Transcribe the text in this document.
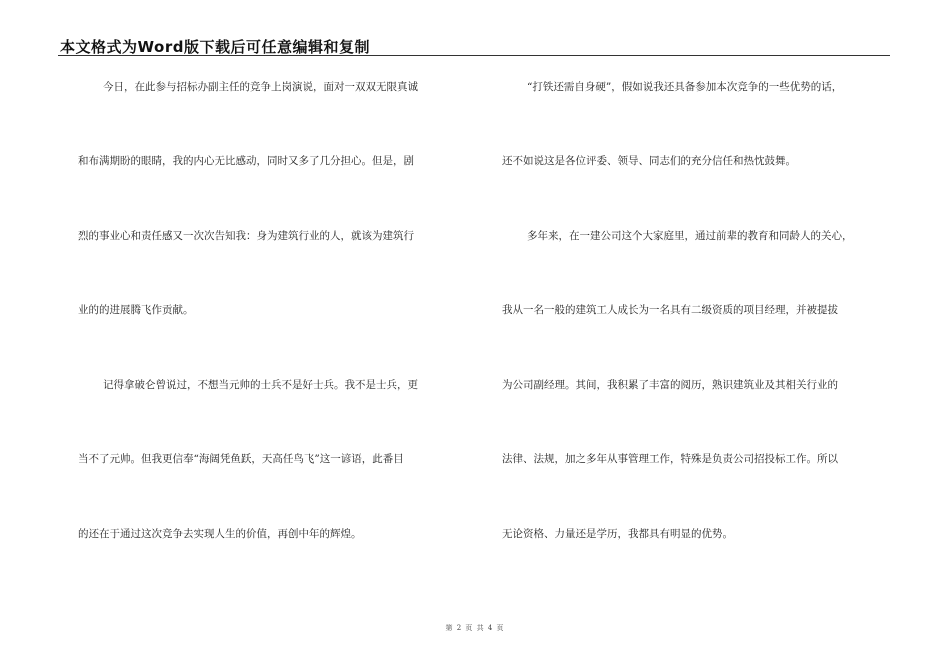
本文格式为Word版下载后可任意编辑和复制
今日，在此参与招标办副主任的竞争上岗演说，面对一双双无限真诚
和布满期盼的眼睛，我的内心无比感动，同时又多了几分担心。但是，剧
烈的事业心和责任感又一次次告知我：身为建筑行业的人，就该为建筑行
业的的进展腾飞作贡献。
记得拿破仑曾说过，不想当元帅的士兵不是好士兵。我不是士兵，更
当不了元帅。但我更信奉“海阔凭鱼跃，天高任鸟飞”这一谚语，此番目
的还在于通过这次竞争去实现人生的价值，再创中年的辉煌。
“打铁还需自身硬”，假如说我还具备参加本次竞争的一些优势的话，
还不如说这是各位评委、领导、同志们的充分信任和热忱鼓舞。
多年来，在一建公司这个大家庭里，通过前辈的教育和同龄人的关心，
我从一名一般的建筑工人成长为一名具有二级资质的项目经理，并被提拔
为公司副经理。其间，我积累了丰富的阅历，熟识建筑业及其相关行业的
法律、法规，加之多年从事管理工作，特殊是负责公司招投标工作。所以
无论资格、力量还是学历，我都具有明显的优势。
第 2 页 共 4 页
